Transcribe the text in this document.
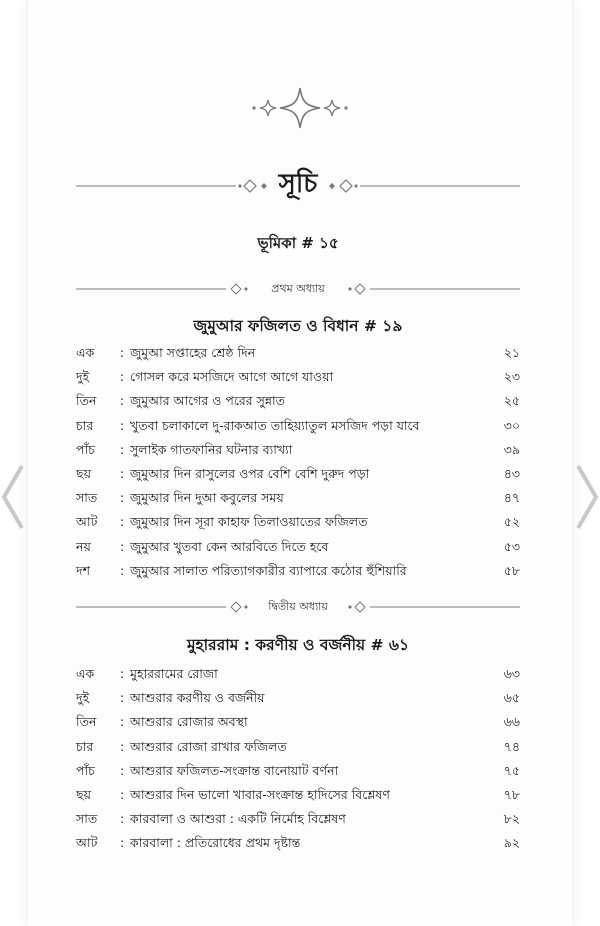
সূচি
ভূমিকা # ১৫
প্রথম অধ্যায়
জুমুআর ফজিলত ও বিধান # ১৯
এক : জুমুআ সপ্তাহের শ্রেষ্ঠ দিন	২১
দুই : গোসল করে মসজিদে আগে আগে যাওয়া	২৩
তিন : জুমুআর আগের ও পরের সুন্নাত	২৫
চার : খুতবা চলাকালে দু-রাকআত তাহিয়্যাতুল মসজিদ পড়া যাবে	৩০
পাঁচ : সুলাইক গাতফানির ঘটনার ব্যাখ্যা	৩৯
ছয় : জুমুআর দিন রাসুলের ওপর বেশি বেশি দুরুদ পড়া	৪৩
সাত : জুমুআর দিন দুআ কবুলের সময়	৪৭
আট : জুমুআর দিন সূরা কাহাফ তিলাওয়াতের ফজিলত	৫২
নয় : জুমুআর খুতবা কেন আরবিতে দিতে হবে	৫৩
দশ : জুমুআর সালাত পরিত্যাগকারীর ব্যাপারে কঠোর হুঁশিয়ারি	৫৮
দ্বিতীয় অধ্যায়
মুহাররাম : করণীয় ও বর্জনীয় # ৬১
এক : মুহাররামের রোজা	৬৩
দুই : আশুরার করণীয় ও বর্জনীয়	৬৫
তিন : আশুরার রোজার অবস্থা	৬৬
চার : আশুরার রোজা রাখার ফজিলত	৭৪
পাঁচ : আশুরার ফজিলত-সংক্রান্ত বানোয়াট বর্ণনা	৭৫
ছয় : আশুরার দিন ভালো খাবার-সংক্রান্ত হাদিসের বিশ্লেষণ	৭৮
সাত : কারবালা ও আশুরা : একটি নির্মোহ বিশ্লেষণ	৮২
আট : কারবালা : প্রতিরোধের প্রথম দৃষ্টান্ত	৯২
